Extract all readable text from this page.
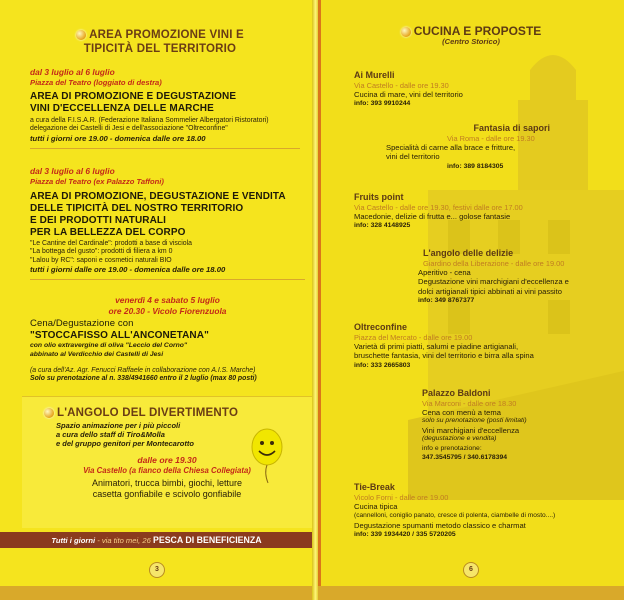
AREA PROMOZIONE VINI E
TIPICITÀ DEL TERRITORIO
dal 3 luglio al 6 luglio
Piazza del Teatro (loggiato di destra)
AREA DI PROMOZIONE E DEGUSTAZIONE
VINI D'ECCELLENZA DELLE MARCHE
a cura della F.I.S.A.R. (Federazione Italiana Sommelier Albergatori Ristoratori)
delegazione dei Castelli di Jesi e dell'associazione "Oltreconfine"
tutti i giorni ore 19.00 - domenica dalle ore 18.00
dal 3 luglio al 6 luglio
Piazza del Teatro (ex Palazzo Taffoni)
AREA DI PROMOZIONE, DEGUSTAZIONE E VENDITA
DELLE TIPICITÀ DEL NOSTRO TERRITORIO
E DEI PRODOTTI NATURALI
PER LA BELLEZZA DEL CORPO
"Le Cantine del Cardinale": prodotti a base di visciola
"La bottega del gusto": prodotti di filiera a km 0
"Lalou by RC": saponi e cosmetici naturali BIO
tutti i giorni dalle ore 19.00 - domenica dalle ore 18.00
venerdì 4 e sabato 5 luglio
ore 20.30 - Vicolo Fiorenzuola
Cena/Degustazione con
"STOCCAFISSO ALL'ANCONETANA"
con olio extravergine di oliva "Leccio del Corno"
abbinato al Verdicchio dei Castelli di Jesi
(a cura dell'Az. Agr. Fenucci Raffaele in collaborazione con A.I.S. Marche)
Solo su prenotazione al n. 338/4941660 entro il 2 luglio (max 80 posti)
L'ANGOLO DEL DIVERTIMENTO
Spazio animazione per i più piccoli
a cura dello staff di Tiro&Molla
e del gruppo genitori per Montecarotto
dalle ore 19.30
Via Castello (a fianco della Chiesa Collegiata)
Animatori, trucca bimbi, giochi, letture
casetta gonfiabile e scivolo gonfiabile
Tutti i giorni - via tito mei, 26 PESCA DI BENEFICIENZA
3
CUCINA E PROPOSTE
(Centro Storico)
Ai Murelli
Via Castello - dalle ore 19.30
Cucina di mare, vini del territorio
info: 393 9910244
Fantasia di sapori
Via Roma - dalle ore 19.30
Specialità di carne alla brace e fritture,
vini del territorio
info: 389 8184305
Fruits point
Via Castello - dalle ore 19.30, festivi dalle ore 17.00
Macedonie, delizie di frutta e... golose fantasie
info: 328 4148925
L'angolo delle delizie
Giardino della Liberazione - dalle ore 19.00
Aperitivo - cena
Degustazione vini marchigiani d'eccellenza e
dolci artigianali tipici abbinati ai vini passito
info: 349 8767377
Oltreconfine
Piazza del Mercato - dalle ore 19.00
Varietà di primi piatti, salumi e piadine artigianali,
bruschette fantasia, vini del territorio e birra alla spina
info: 333 2665803
Palazzo Baldoni
Via Marconi - dalle ore 18.30
Cena con menù a tema
solo su prenotazione (posti limitati)
Vini marchigiani d'eccellenza
(degustazione e vendita)
info e prenotazione:
347.3545795 / 340.6178394
Tie-Break
Vicolo Forni - dalle ore 19.00
Cucina tipica
(cannelloni, coniglio panato, cresce di polenta, ciambelle di mosto....)
Degustazione spumanti metodo classico e charmat
info: 339 1934420 / 335 5720205
6
